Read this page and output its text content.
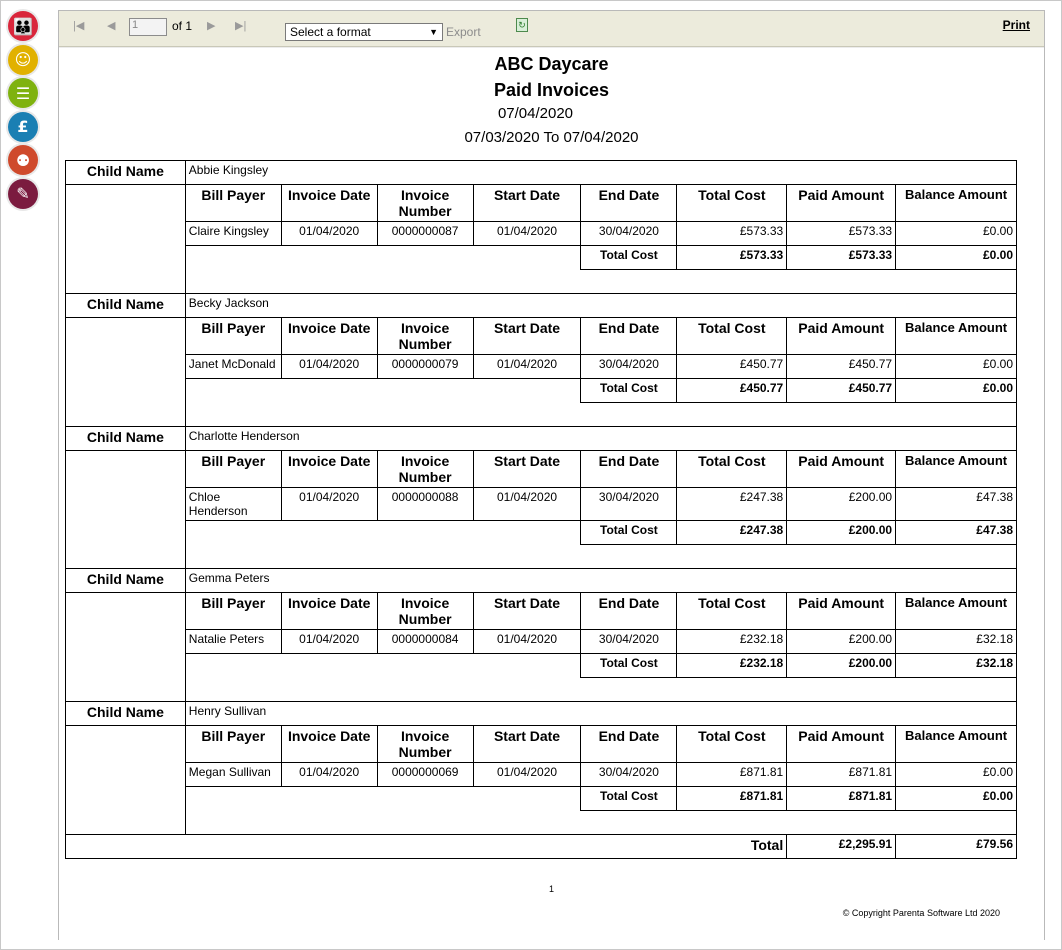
👪
☺
☰
£
⚉
✎
|◀ ◀ 1	of 1 ▶ ▶|	Select a format	▼ Export
↻	Print
ABC Daycare
Paid Invoices
07/04/2020
07/03/2020 To 07/04/2020
Child Name	Abbie Kingsley							
	Bill Payer	Invoice Date	Invoice Number	Start Date	End Date	Total Cost	Paid Amount	Balance Amount
	Claire Kingsley	01/04/2020	0000000087	01/04/2020	30/04/2020	£573.33	£573.33	£0.00
					Total Cost	£573.33	£573.33	£0.00

Child Name	Becky Jackson							
	Bill Payer	Invoice Date	Invoice Number	Start Date	End Date	Total Cost	Paid Amount	Balance Amount
	Janet McDonald	01/04/2020	0000000079	01/04/2020	30/04/2020	£450.77	£450.77	£0.00
					Total Cost	£450.77	£450.77	£0.00

Child Name	Charlotte Henderson							
	Bill Payer	Invoice Date	Invoice Number	Start Date	End Date	Total Cost	Paid Amount	Balance Amount
	Chloe Henderson	01/04/2020	0000000088	01/04/2020	30/04/2020	£247.38	£200.00	£47.38
					Total Cost	£247.38	£200.00	£47.38

Child Name	Gemma Peters							
	Bill Payer	Invoice Date	Invoice Number	Start Date	End Date	Total Cost	Paid Amount	Balance Amount
	Natalie Peters	01/04/2020	0000000084	01/04/2020	30/04/2020	£232.18	£200.00	£32.18
					Total Cost	£232.18	£200.00	£32.18

Child Name	Henry Sullivan							
	Bill Payer	Invoice Date	Invoice Number	Start Date	End Date	Total Cost	Paid Amount	Balance Amount
	Megan Sullivan	01/04/2020	0000000069	01/04/2020	30/04/2020	£871.81	£871.81	£0.00
					Total Cost	£871.81	£871.81	£0.00

Total							£2,295.91	£79.56
1
© Copyright Parenta Software Ltd 2020
